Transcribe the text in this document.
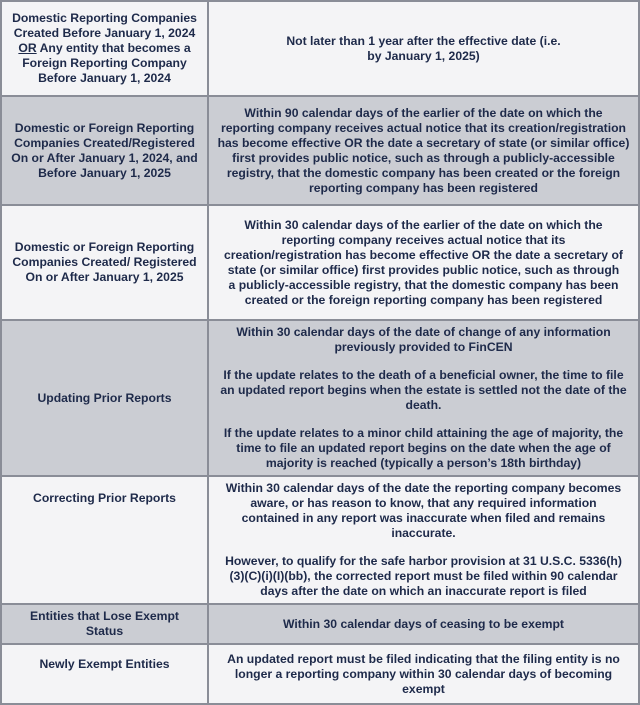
Domestic Reporting Companies
Created Before January 1, 2024
OR Any entity that becomes a Foreign Reporting Company Before January 1, 2024	Not later than 1 year after the effective date (i.e. by January 1, 2025)

Domestic or Foreign Reporting Companies Created/Registered On or After January 1, 2024, and Before January 1, 2025	Within 90 calendar days of the earlier of the date on which the reporting company receives actual notice that its creation/registration has become effective OR the date a secretary of state (or similar office) first provides public notice, such as through a publicly-accessible registry, that the domestic company has been created or the foreign reporting company has been registered

Domestic or Foreign Reporting Companies Created/ Registered On or After January 1, 2025	Within 30 calendar days of the earlier of the date on which the reporting company receives actual notice that its creation/registration has become effective OR the date a secretary of state (or similar office) first provides public notice, such as through a publicly-accessible registry, that the domestic company has been created or the foreign reporting company has been registered

Updating Prior Reports	Within 30 calendar days of the date of change of any information previously provided to FinCEN
If the update relates to the death of a beneficial owner, the time to file an updated report begins when the estate is settled not the date of the death.
If the update relates to a minor child attaining the age of majority, the time to file an updated report begins on the date when the age of majority is reached (typically a person’s 18th birthday)

Correcting Prior Reports	Within 30 calendar days of the date the reporting company becomes aware, or has reason to know, that any required information contained in any report was inaccurate when filed and remains inaccurate.
However, to qualify for the safe harbor provision at 31 U.S.C. 5336(h)(3)(C)(i)(I)(bb), the corrected report must be filed within 90 calendar days after the date on which an inaccurate report is filed

Entities that Lose Exempt Status	Within 30 calendar days of ceasing to be exempt

Newly Exempt Entities	An updated report must be filed indicating that the filing entity is no longer a reporting company within 30 calendar days of becoming exempt
